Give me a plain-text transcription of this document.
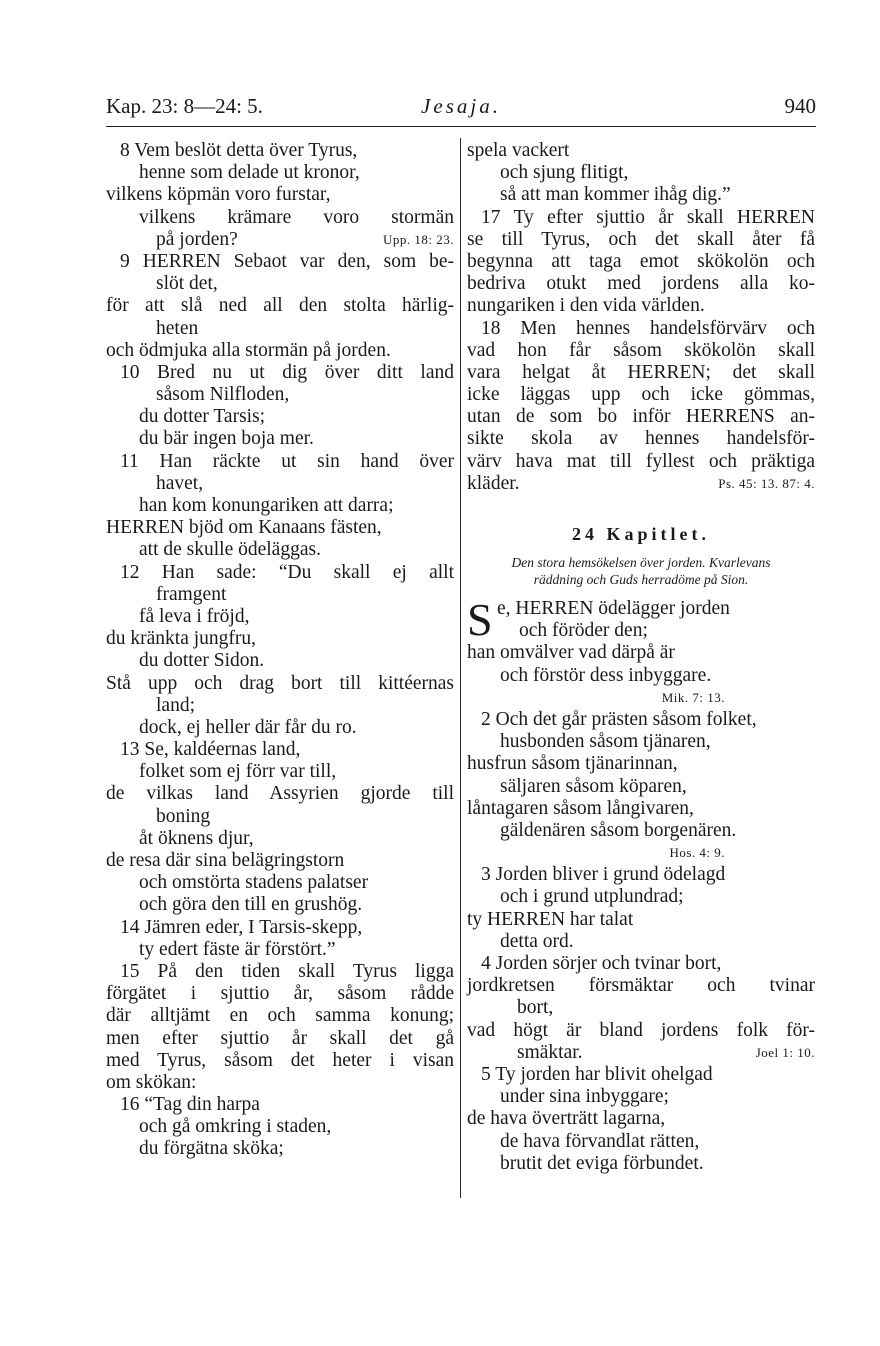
Kap. 23: 8—24: 5.	Jesaja.	940
8 Vem beslöt detta över Tyrus,
henne som delade ut kronor,
vilkens köpmän voro furstar,
vilkens krämare voro stormän
på jorden?	Upp. 18: 23.
9 HERREN Sebaot var den, som be-
slöt det,
för att slå ned all den stolta härlig-
heten
och ödmjuka alla stormän på jorden.
10 Bred nu ut dig över ditt land
såsom Nilfloden,
du dotter Tarsis;
du bär ingen boja mer.
11 Han räckte ut sin hand över
havet,
han kom konungariken att darra;
HERREN bjöd om Kanaans fästen,
att de skulle ödeläggas.
12 Han sade: “Du skall ej allt
framgent
få leva i fröjd,
du kränkta jungfru,
du dotter Sidon.
Stå upp och drag bort till kittéernas
land;
dock, ej heller där får du ro.
13 Se, kaldéernas land,
folket som ej förr var till,
de vilkas land Assyrien gjorde till
boning
åt öknens djur,
de resa där sina belägringstorn
och omstörta stadens palatser
och göra den till en grushög.
14 Jämren eder, I Tarsis-skepp,
ty edert fäste är förstört.”
15 På den tiden skall Tyrus ligga
förgätet i sjuttio år, såsom rådde
där alltjämt en och samma konung;
men efter sjuttio år skall det gå
med Tyrus, såsom det heter i visan
om skökan:
16 “Tag din harpa
och gå omkring i staden,
du förgätna sköka;
spela vackert
och sjung flitigt,
så att man kommer ihåg dig.”
17 Ty efter sjuttio år skall HERREN
se till Tyrus, och det skall åter få
begynna att taga emot skökolön och
bedriva otukt med jordens alla ko-
nungariken i den vida världen.
18 Men hennes handelsförvärv och
vad hon får såsom skökolön skall
vara helgat åt HERREN; det skall
icke läggas upp och icke gömmas,
utan de som bo inför HERRENS an-
sikte skola av hennes handelsför-
värv hava mat till fyllest och präktiga
kläder.	Ps. 45: 13. 87: 4.
24 Kapitlet.
Den stora hemsökelsen över jorden. Kvarlevans
räddning och Guds herradöme på Sion.
S e, HERREN ödelägger jorden
och föröder den;
han omvälver vad därpå är
och förstör dess inbyggare.
Mik. 7: 13.
2 Och det går prästen såsom folket,
husbonden såsom tjänaren,
husfrun såsom tjänarinnan,
säljaren såsom köparen,
låntagaren såsom långivaren,
gäldenären såsom borgenären.
Hos. 4: 9.
3 Jorden bliver i grund ödelagd
och i grund utplundrad;
ty HERREN har talat
detta ord.
4 Jorden sörjer och tvinar bort,
jordkretsen försmäktar och tvinar
bort,
vad högt är bland jordens folk för-
smäktar.	Joel 1: 10.
5 Ty jorden har blivit ohelgad
under sina inbyggare;
de hava överträtt lagarna,
de hava förvandlat rätten,
brutit det eviga förbundet.
